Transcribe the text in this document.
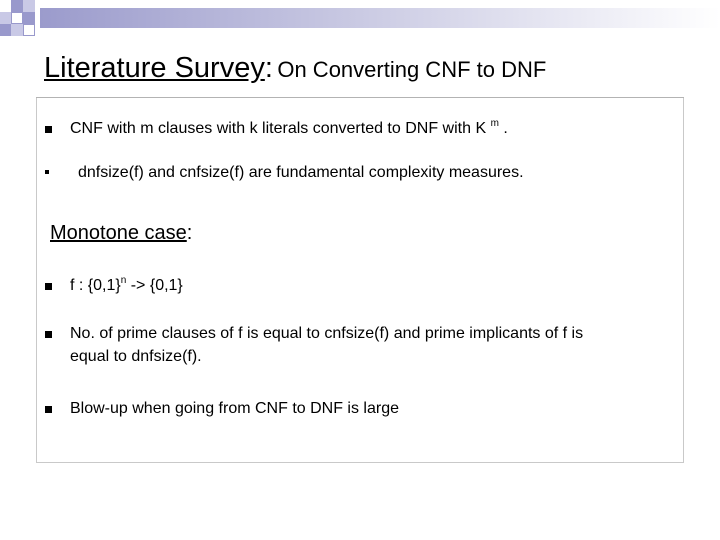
Literature Survey: On Converting CNF to DNF
CNF with m clauses with k literals converted to DNF with K $^m$ .
dnfsize(f) and cnfsize(f) are fundamental complexity measures.
Monotone case:
f : $\{0,1\}^n -> \{0,1\}$
No. of prime clauses of f is equal to cnfsize(f) and prime implicants of f is
equal to dnfsize(f).
Blow-up when going from CNF to DNF is large
